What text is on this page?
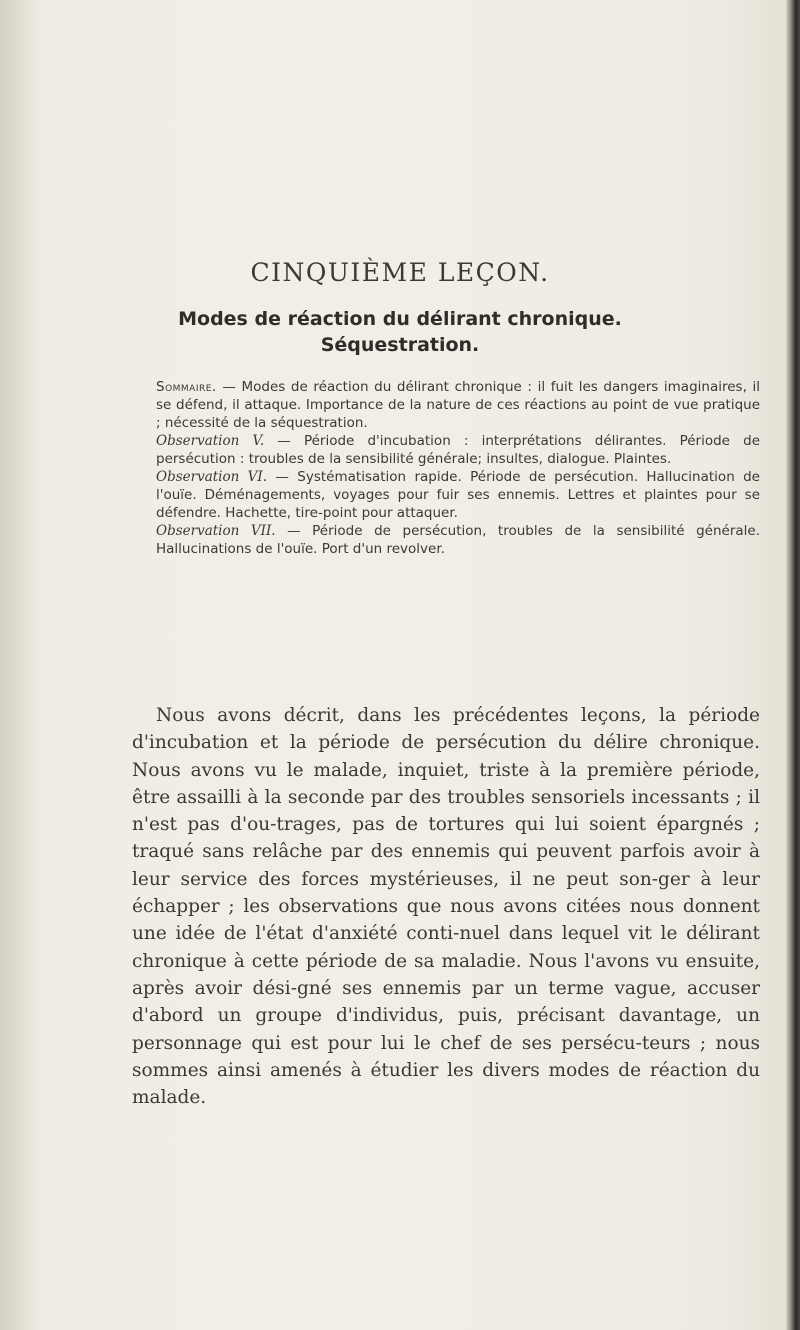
CINQUIÈME LEÇON.
Modes de réaction du délirant chronique.
Séquestration.

Sommaire. — Modes de réaction du délirant chronique : il fuit les dangers imaginaires, il se défend, il attaque. Importance de la nature de ces réactions au point de vue pratique ; nécessité de la séquestration.

Observation V. — Période d'incubation : interprétations délirantes. Période de persécution : troubles de la sensibilité générale; insultes, dialogue. Plaintes.

Observation VI. — Systématisation rapide. Période de persécution. Hallucination de l'ouïe. Déménagements, voyages pour fuir ses ennemis. Lettres et plaintes pour se défendre. Hachette, tire-point pour attaquer.

Observation VII. — Période de persécution, troubles de la sensibilité générale. Hallucinations de l'ouïe. Port d'un revolver.

Nous avons décrit, dans les précédentes leçons, la période d'incubation et la période de persécution du délire chronique. Nous avons vu le malade, inquiet, triste à la première période, être assailli à la seconde par des troubles sensoriels incessants ; il n'est pas d'ou-trages, pas de tortures qui lui soient épargnés ; traqué sans relâche par des ennemis qui peuvent parfois avoir à leur service des forces mystérieuses, il ne peut son-ger à leur échapper ; les observations que nous avons citées nous donnent une idée de l'état d'anxiété conti-nuel dans lequel vit le délirant chronique à cette période de sa maladie. Nous l'avons vu ensuite, après avoir dési-gné ses ennemis par un terme vague, accuser d'abord un groupe d'individus, puis, précisant davantage, un personnage qui est pour lui le chef de ses persécu-teurs ; nous sommes ainsi amenés à étudier les divers modes de réaction du malade.
